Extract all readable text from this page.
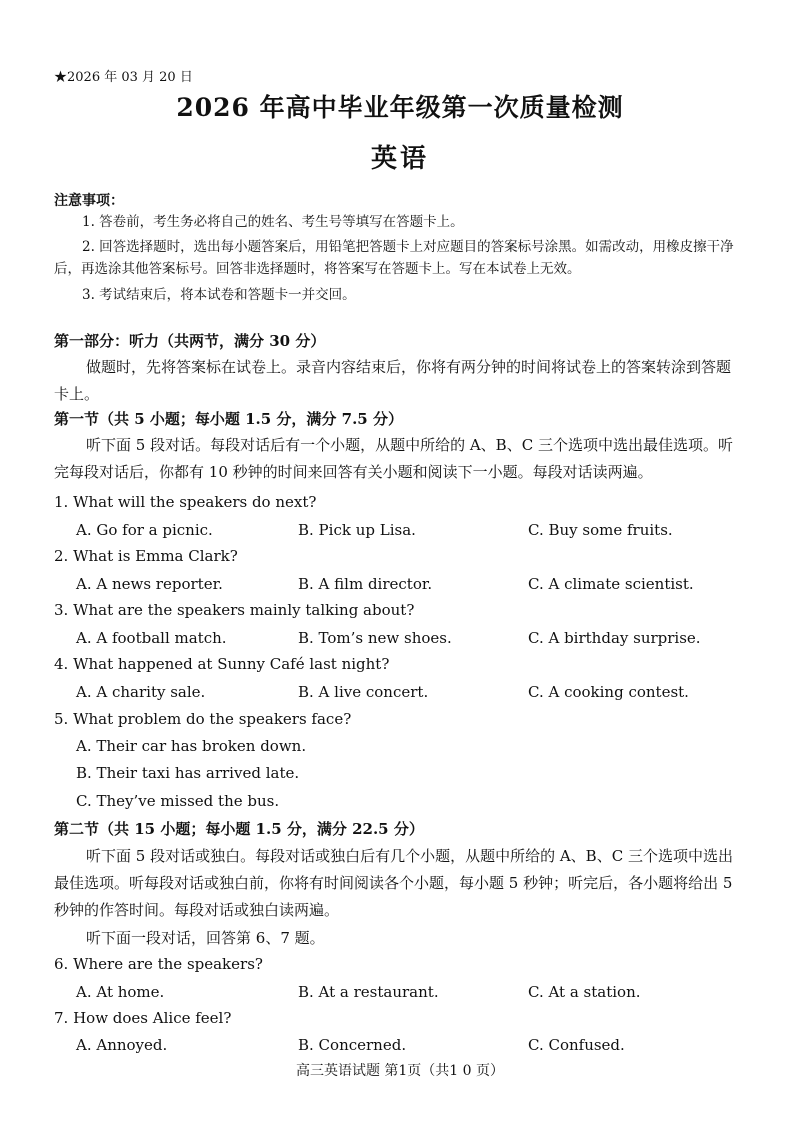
★2026 年 03 月 20 日
2026 年高中毕业年级第一次质量检测
英语
注意事项：
1. 答卷前，考生务必将自己的姓名、考生号等填写在答题卡上。
2. 回答选择题时，选出每小题答案后，用铅笔把答题卡上对应题目的答案标号涂黑。如需改动，用橡皮擦干净后，再选涂其他答案标号。回答非选择题时，将答案写在答题卡上。写在本试卷上无效。
3. 考试结束后，将本试卷和答题卡一并交回。
第一部分：听力（共两节，满分 30 分）
做题时，先将答案标在试卷上。录音内容结束后，你将有两分钟的时间将试卷上的答案转涂到答题卡上。
第一节（共 5 小题；每小题 1.5 分，满分 7.5 分）
听下面 5 段对话。每段对话后有一个小题，从题中所给的 A、B、C 三个选项中选出最佳选项。听完每段对话后，你都有 10 秒钟的时间来回答有关小题和阅读下一小题。每段对话读两遍。
1. What will the speakers do next?
A. Go for a picnic.	B. Pick up Lisa.	C. Buy some fruits.
2. What is Emma Clark?
A. A news reporter.	B. A film director.	C. A climate scientist.
3. What are the speakers mainly talking about?
A. A football match.	B. Tom’s new shoes.	C. A birthday surprise.
4. What happened at Sunny Café last night?
A. A charity sale.	B. A live concert.	C. A cooking contest.
5. What problem do the speakers face?
A. Their car has broken down.
B. Their taxi has arrived late.
C. They’ve missed the bus.
第二节（共 15 小题；每小题 1.5 分，满分 22.5 分）
听下面 5 段对话或独白。每段对话或独白后有几个小题，从题中所给的 A、B、C 三个选项中选出最佳选项。听每段对话或独白前，你将有时间阅读各个小题，每小题 5 秒钟；听完后，各小题将给出 5 秒钟的作答时间。每段对话或独白读两遍。
听下面一段对话，回答第 6、7 题。
6. Where are the speakers?
A. At home.	B. At a restaurant.	C. At a station.
7. How does Alice feel?
A. Annoyed.	B. Concerned.	C. Confused.
高三英语试题 第1页（共1 0 页）
